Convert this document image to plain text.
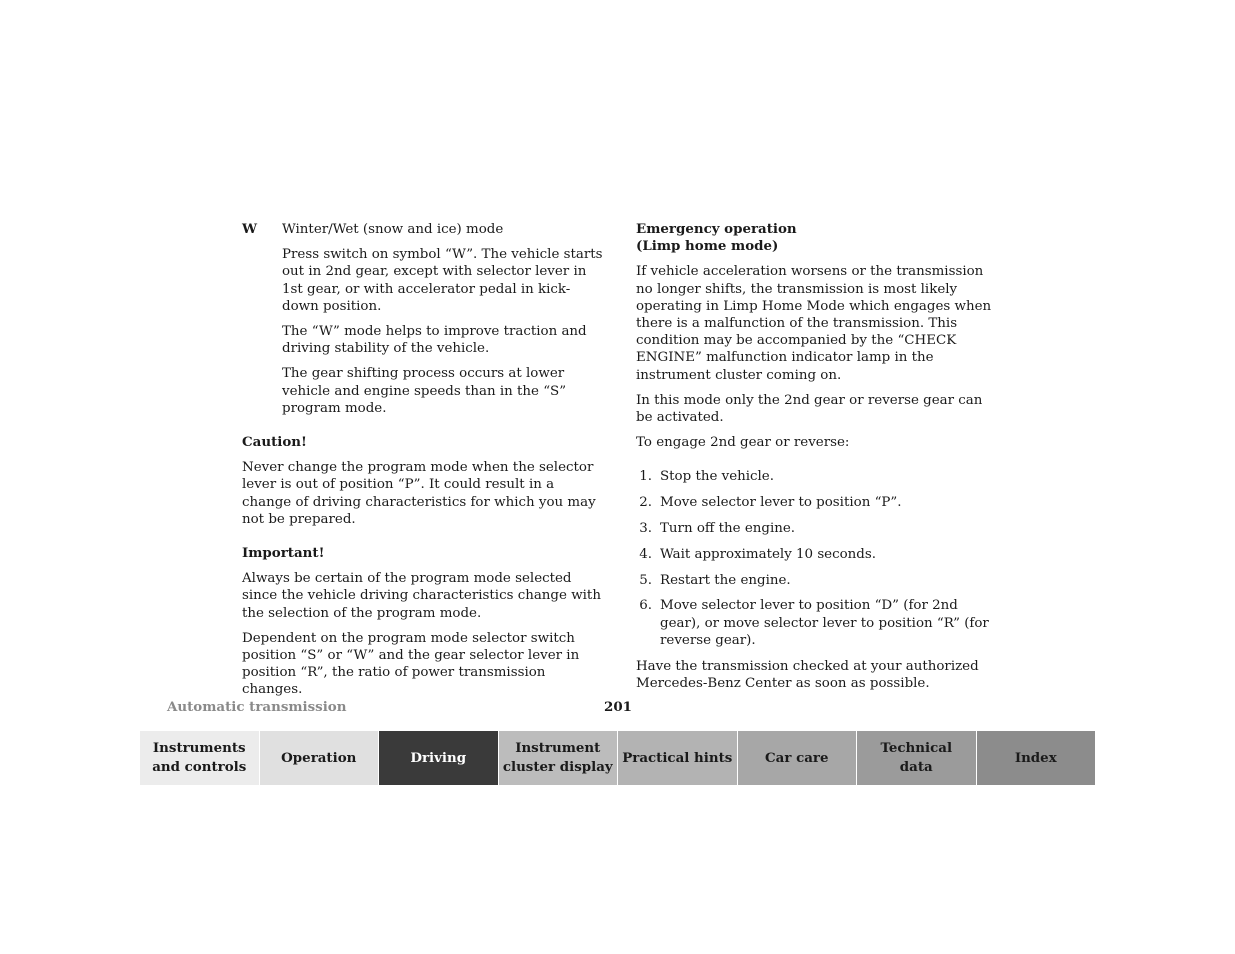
W	Winter/Wet (snow and ice) mode

Press switch on symbol “W”. The vehicle starts out in 2nd gear, except with selector lever in 1st gear, or with accelerator pedal in kick-down position.

The “W” mode helps to improve traction and driving stability of the vehicle.

The gear shifting process occurs at lower vehicle and engine speeds than in the “S” program mode.

Caution!

Never change the program mode when the selector lever is out of position “P”. It could result in a change of driving characteristics for which you may not be prepared.

Important!

Always be certain of the program mode selected since the vehicle driving characteristics change with the selection of the program mode.

Dependent on the program mode selector switch position “S” or “W” and the gear selector lever in position “R”, the ratio of power transmission changes.

Emergency operation

(Limp home mode)

If vehicle acceleration worsens or the transmission no longer shifts, the transmission is most likely operating in Limp Home Mode which engages when there is a malfunction of the transmission. This condition may be accompanied by the “CHECK ENGINE” malfunction indicator lamp in the instrument cluster coming on.

In this mode only the 2nd gear or reverse gear can be activated.

To engage 2nd gear or reverse:

1. Stop the vehicle.
2. Move selector lever to position “P”.
3. Turn off the engine.
4. Wait approximately 10 seconds.
5. Restart the engine.
6. Move selector lever to position “D” (for 2nd gear), or move selector lever to position “R” (for reverse gear).

Have the transmission checked at your authorized Mercedes-Benz Center as soon as possible.

Automatic transmission	201
Instruments
and controls
Operation	Driving
Instrument
cluster display
Practical hints	Car care
Technical
data
Index
